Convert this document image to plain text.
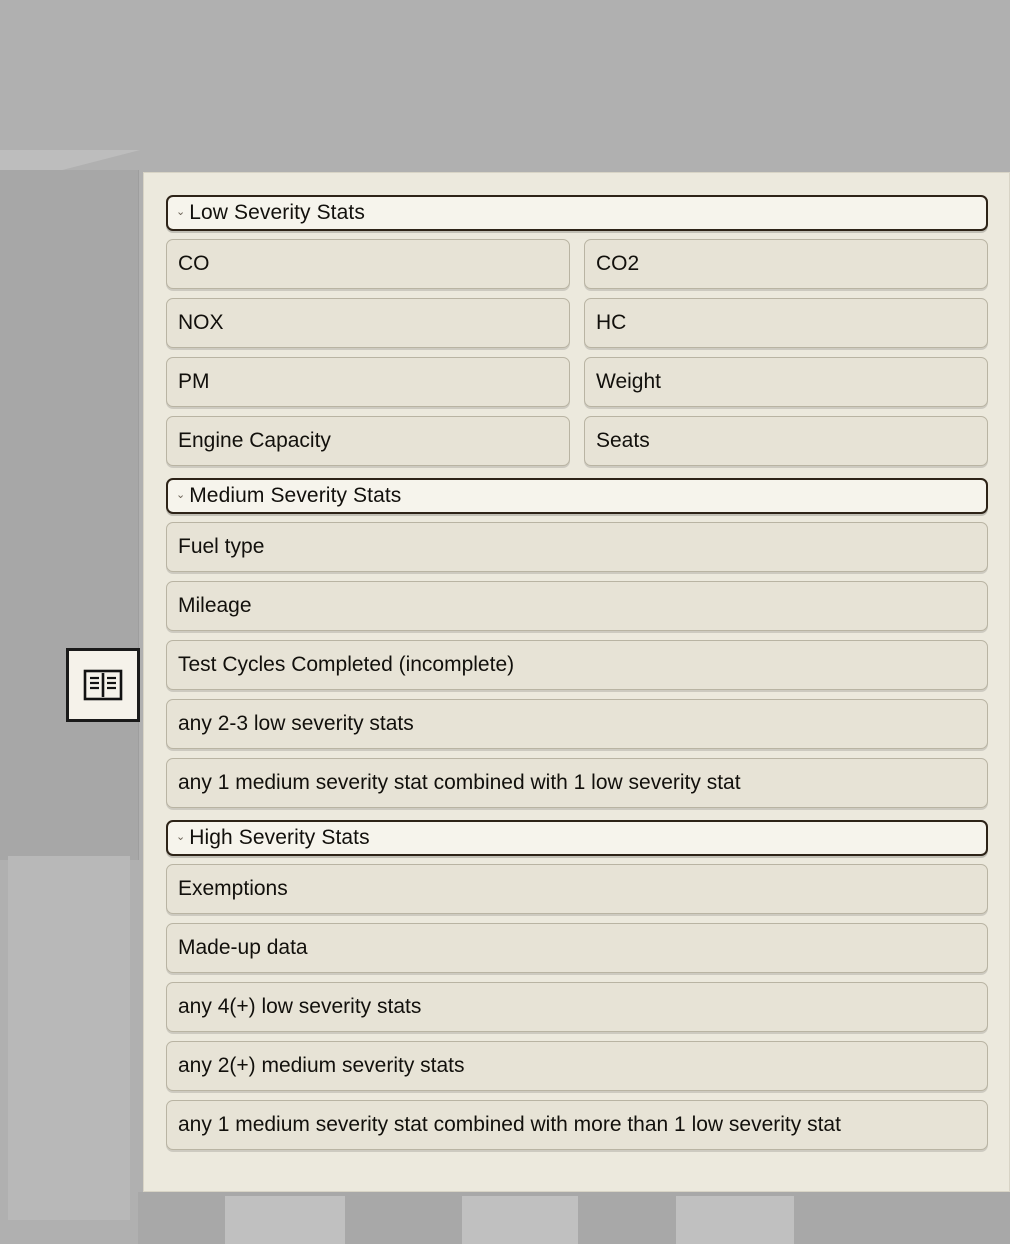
⌄ Low Severity Stats
CO	CO2
NOX	HC
PM	Weight
Engine Capacity	Seats
⌄ Medium Severity Stats
Fuel type
Mileage
Test Cycles Completed (incomplete)
any 2-3 low severity stats
any 1 medium severity stat combined with 1 low severity stat
⌄ High Severity Stats
Exemptions
Made-up data
any 4(+) low severity stats
any 2(+) medium severity stats
any 1 medium severity stat combined with more than 1 low severity stat
